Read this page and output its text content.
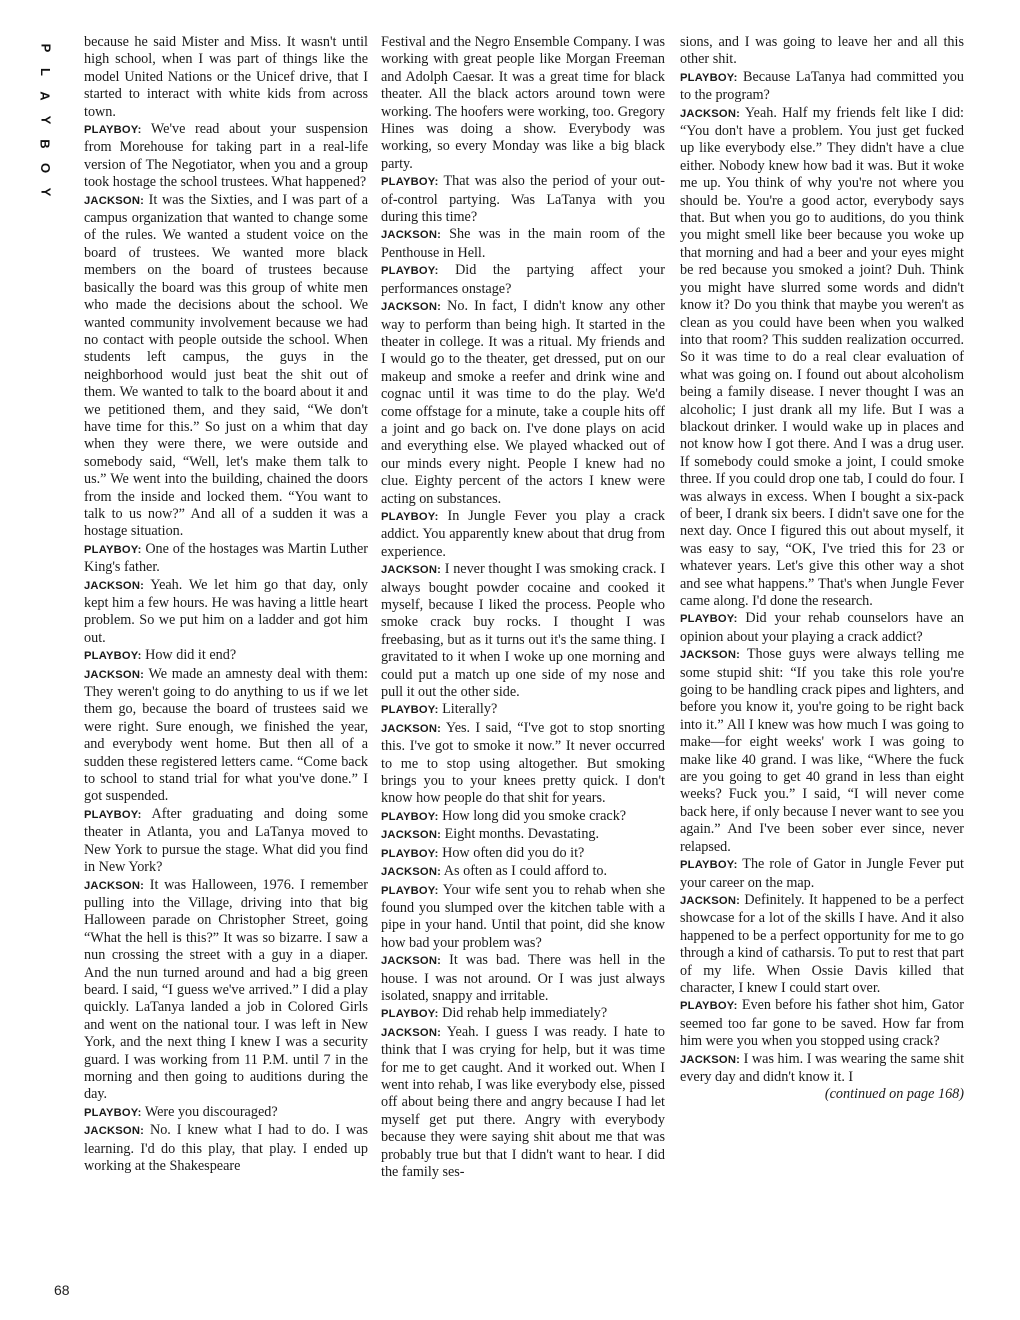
P
L
A
Y
B
O
Y

because he said Mister and Miss. It wasn't until high school, when I was part of things like the model United Nations or the Unicef drive, that I started to interact with white kids from across town.

PLAYBOY: We've read about your suspension from Morehouse for taking part in a real-life version of The Negotiator, when you and a group took hostage the school trustees. What happened?

JACKSON: It was the Sixties, and I was part of a campus organization that wanted to change some of the rules. We wanted a student voice on the board of trustees. We wanted more black members on the board of trustees because basically the board was this group of white men who made the decisions about the school. We wanted community involvement because we had no contact with people outside the school. When students left campus, the guys in the neighborhood would just beat the shit out of them. We wanted to talk to the board about it and we petitioned them, and they said, “We don't have time for this.” So just on a whim that day when they were there, we were outside and somebody said, “Well, let's make them talk to us.” We went into the building, chained the doors from the inside and locked them. “You want to talk to us now?” And all of a sudden it was a hostage situation.

PLAYBOY: One of the hostages was Martin Luther King's father.

JACKSON: Yeah. We let him go that day, only kept him a few hours. He was having a little heart problem. So we put him on a ladder and got him out.

PLAYBOY: How did it end?

JACKSON: We made an amnesty deal with them: They weren't going to do anything to us if we let them go, because the board of trustees said we were right. Sure enough, we finished the year, and everybody went home. But then all of a sudden these registered letters came. “Come back to school to stand trial for what you've done.” I got suspended.

PLAYBOY: After graduating and doing some theater in Atlanta, you and LaTanya moved to New York to pursue the stage. What did you find in New York?

JACKSON: It was Halloween, 1976. I remember pulling into the Village, driving into that big Halloween parade on Christopher Street, going “What the hell is this?” It was so bizarre. I saw a nun crossing the street with a guy in a diaper. And the nun turned around and had a big green beard. I said, “I guess we've arrived.” I did a play quickly. LaTanya landed a job in Colored Girls and went on the national tour. I was left in New York, and the next thing I knew I was a security guard. I was working from 11 P.M. until 7 in the morning and then going to auditions during the day.

PLAYBOY: Were you discouraged?

JACKSON: No. I knew what I had to do. I was learning. I'd do this play, that play. I ended up working at the Shakespeare

Festival and the Negro Ensemble Company. I was working with great people like Morgan Freeman and Adolph Caesar. It was a great time for black theater. All the black actors around town were working. The hoofers were working, too. Gregory Hines was doing a show. Everybody was working, so every Monday was like a big black party.

PLAYBOY: That was also the period of your out-of-control partying. Was LaTanya with you during this time?

JACKSON: She was in the main room of the Penthouse in Hell.

PLAYBOY: Did the partying affect your performances onstage?

JACKSON: No. In fact, I didn't know any other way to perform than being high. It started in the theater in college. It was a ritual. My friends and I would go to the theater, get dressed, put on our makeup and smoke a reefer and drink wine and cognac until it was time to do the play. We'd come offstage for a minute, take a couple hits off a joint and go back on. I've done plays on acid and everything else. We played whacked out of our minds every night. People I knew had no clue. Eighty percent of the actors I knew were acting on substances.

PLAYBOY: In Jungle Fever you play a crack addict. You apparently knew about that drug from experience.

JACKSON: I never thought I was smoking crack. I always bought powder cocaine and cooked it myself, because I liked the process. People who smoke crack buy rocks. I thought I was freebasing, but as it turns out it's the same thing. I gravitated to it when I woke up one morning and could put a match up one side of my nose and pull it out the other side.

PLAYBOY: Literally?

JACKSON: Yes. I said, “I've got to stop snorting this. I've got to smoke it now.” It never occurred to me to stop using altogether. But smoking brings you to your knees pretty quick. I don't know how people do that shit for years.

PLAYBOY: How long did you smoke crack?

JACKSON: Eight months. Devastating.

PLAYBOY: How often did you do it?

JACKSON: As often as I could afford to.

PLAYBOY: Your wife sent you to rehab when she found you slumped over the kitchen table with a pipe in your hand. Until that point, did she know how bad your problem was?

JACKSON: It was bad. There was hell in the house. I was not around. Or I was just always isolated, snappy and irritable.

PLAYBOY: Did rehab help immediately?

JACKSON: Yeah. I guess I was ready. I hate to think that I was crying for help, but it was time for me to get caught. And it worked out. When I went into rehab, I was like everybody else, pissed off about being there and angry because I had let myself get put there. Angry with everybody because they were saying shit about me that was probably true but that I didn't want to hear. I did the family ses-

sions, and I was going to leave her and all this other shit.

PLAYBOY: Because LaTanya had committed you to the program?

JACKSON: Yeah. Half my friends felt like I did: “You don't have a problem. You just get fucked up like everybody else.” They didn't have a clue either. Nobody knew how bad it was. But it woke me up. You think of why you're not where you should be. You're a good actor, everybody says that. But when you go to auditions, do you think you might smell like beer because you woke up that morning and had a beer and your eyes might be red because you smoked a joint? Duh. Think you might have slurred some words and didn't know it? Do you think that maybe you weren't as clean as you could have been when you walked into that room? This sudden realization occurred. So it was time to do a real clear evaluation of what was going on. I found out about alcoholism being a family disease. I never thought I was an alcoholic; I just drank all my life. But I was a blackout drinker. I would wake up in places and not know how I got there. And I was a drug user. If somebody could smoke a joint, I could smoke three. If you could drop one tab, I could do four. I was always in excess. When I bought a six-pack of beer, I drank six beers. I didn't save one for the next day. Once I figured this out about myself, it was easy to say, “OK, I've tried this for 23 or whatever years. Let's give this other way a shot and see what happens.” That's when Jungle Fever came along. I'd done the research.

PLAYBOY: Did your rehab counselors have an opinion about your playing a crack addict?

JACKSON: Those guys were always telling me some stupid shit: “If you take this role you're going to be handling crack pipes and lighters, and before you know it, you're going to be right back into it.” All I knew was how much I was going to make—for eight weeks' work I was going to make like 40 grand. I was like, “Where the fuck are you going to get 40 grand in less than eight weeks? Fuck you.” I said, “I will never come back here, if only because I never want to see you again.” And I've been sober ever since, never relapsed.

PLAYBOY: The role of Gator in Jungle Fever put your career on the map.

JACKSON: Definitely. It happened to be a perfect showcase for a lot of the skills I have. And it also happened to be a perfect opportunity for me to go through a kind of catharsis. To put to rest that part of my life. When Ossie Davis killed that character, I knew I could start over.

PLAYBOY: Even before his father shot him, Gator seemed too far gone to be saved. How far from him were you when you stopped using crack?

JACKSON: I was him. I was wearing the same shit every day and didn't know it. I

(continued on page 168)

68
